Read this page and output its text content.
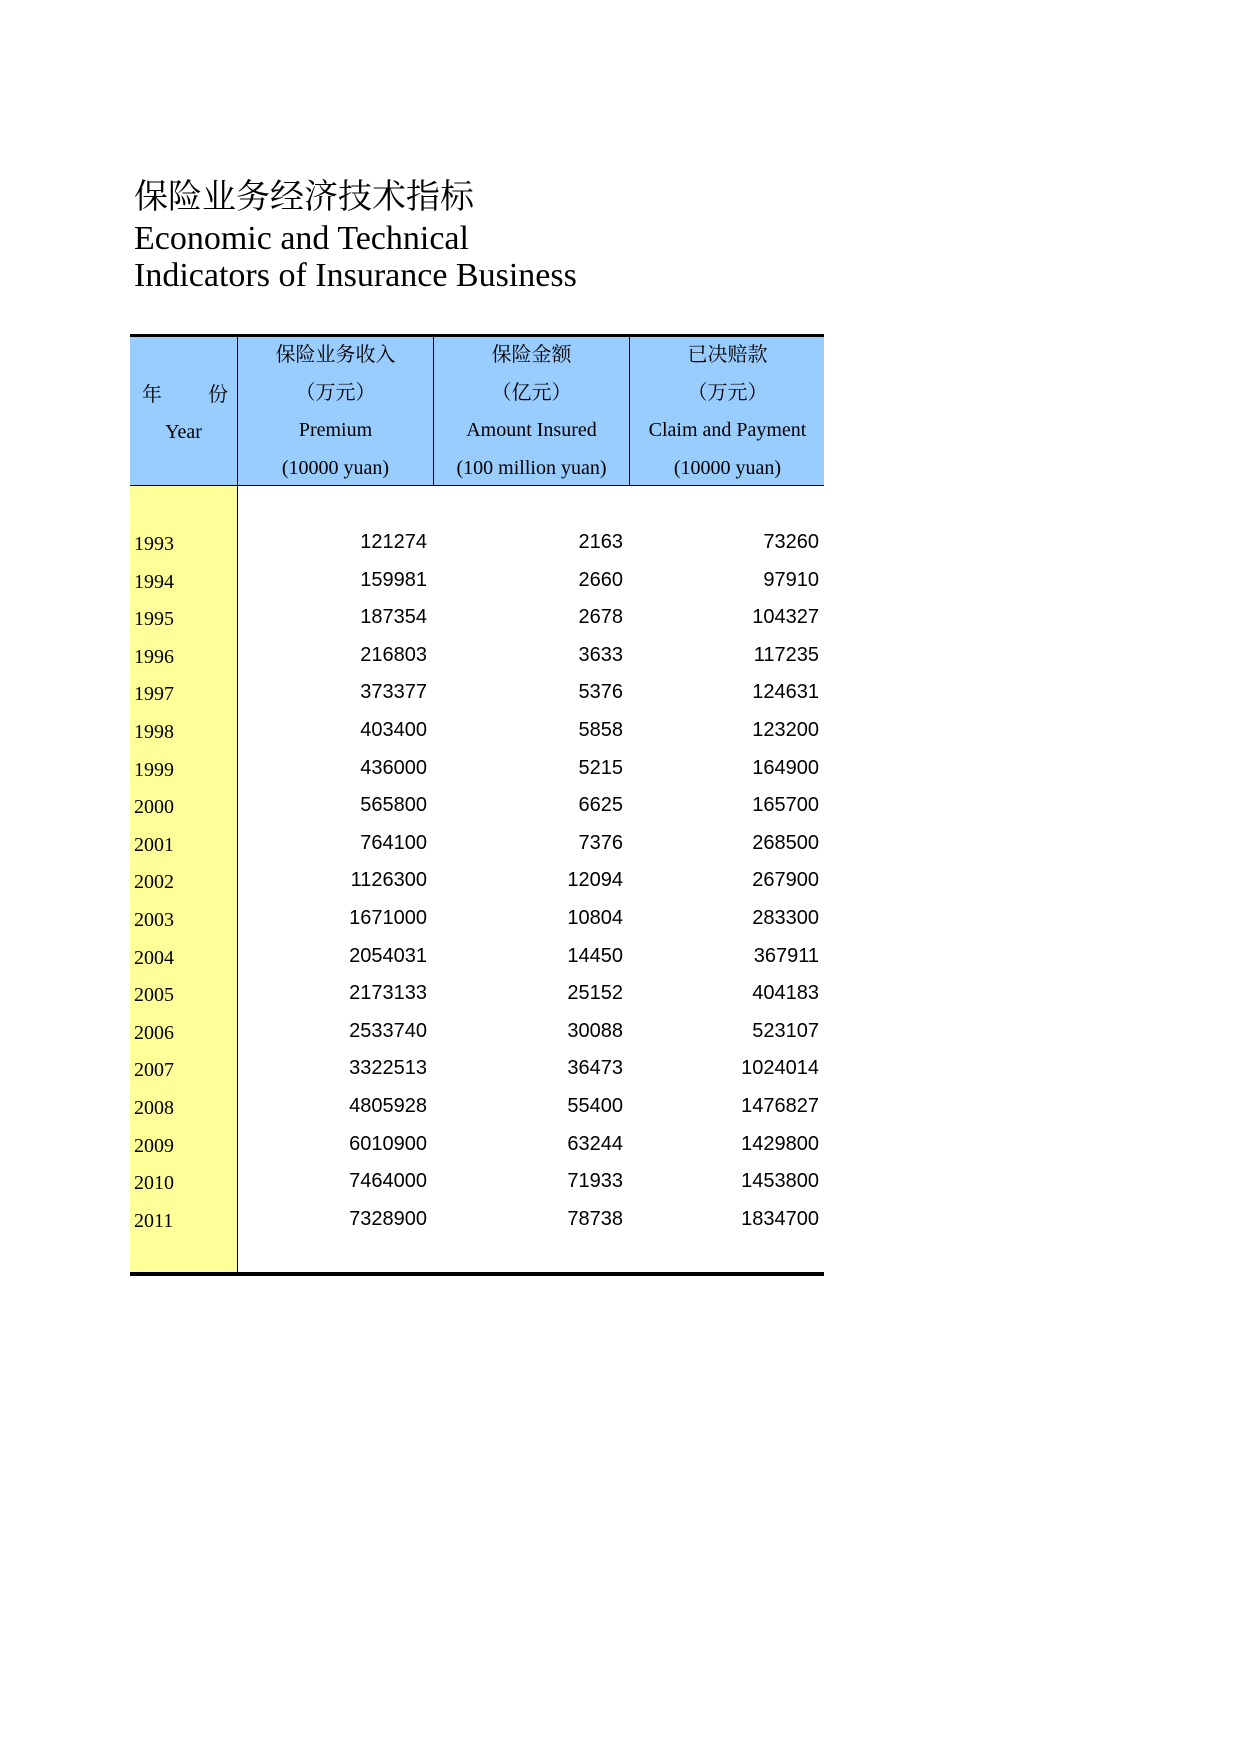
保险业务经济技术指标
Economic and Technical
Indicators of Insurance Business
年 份
Year
保险业务收入
（万元）
Premium
(10000 yuan)
保险金额
（亿元）
Amount Insured
(100 million yuan)
已决赔款
（万元）
Claim and Payment
(10000 yuan)
1993	121274	2163	73260
1994	159981	2660	97910
1995	187354	2678	104327
1996	216803	3633	117235
1997	373377	5376	124631
1998	403400	5858	123200
1999	436000	5215	164900
2000	565800	6625	165700
2001	764100	7376	268500
2002	1126300	12094	267900
2003	1671000	10804	283300
2004	2054031	14450	367911
2005	2173133	25152	404183
2006	2533740	30088	523107
2007	3322513	36473	1024014
2008	4805928	55400	1476827
2009	6010900	63244	1429800
2010	7464000	71933	1453800
2011	7328900	78738	1834700
